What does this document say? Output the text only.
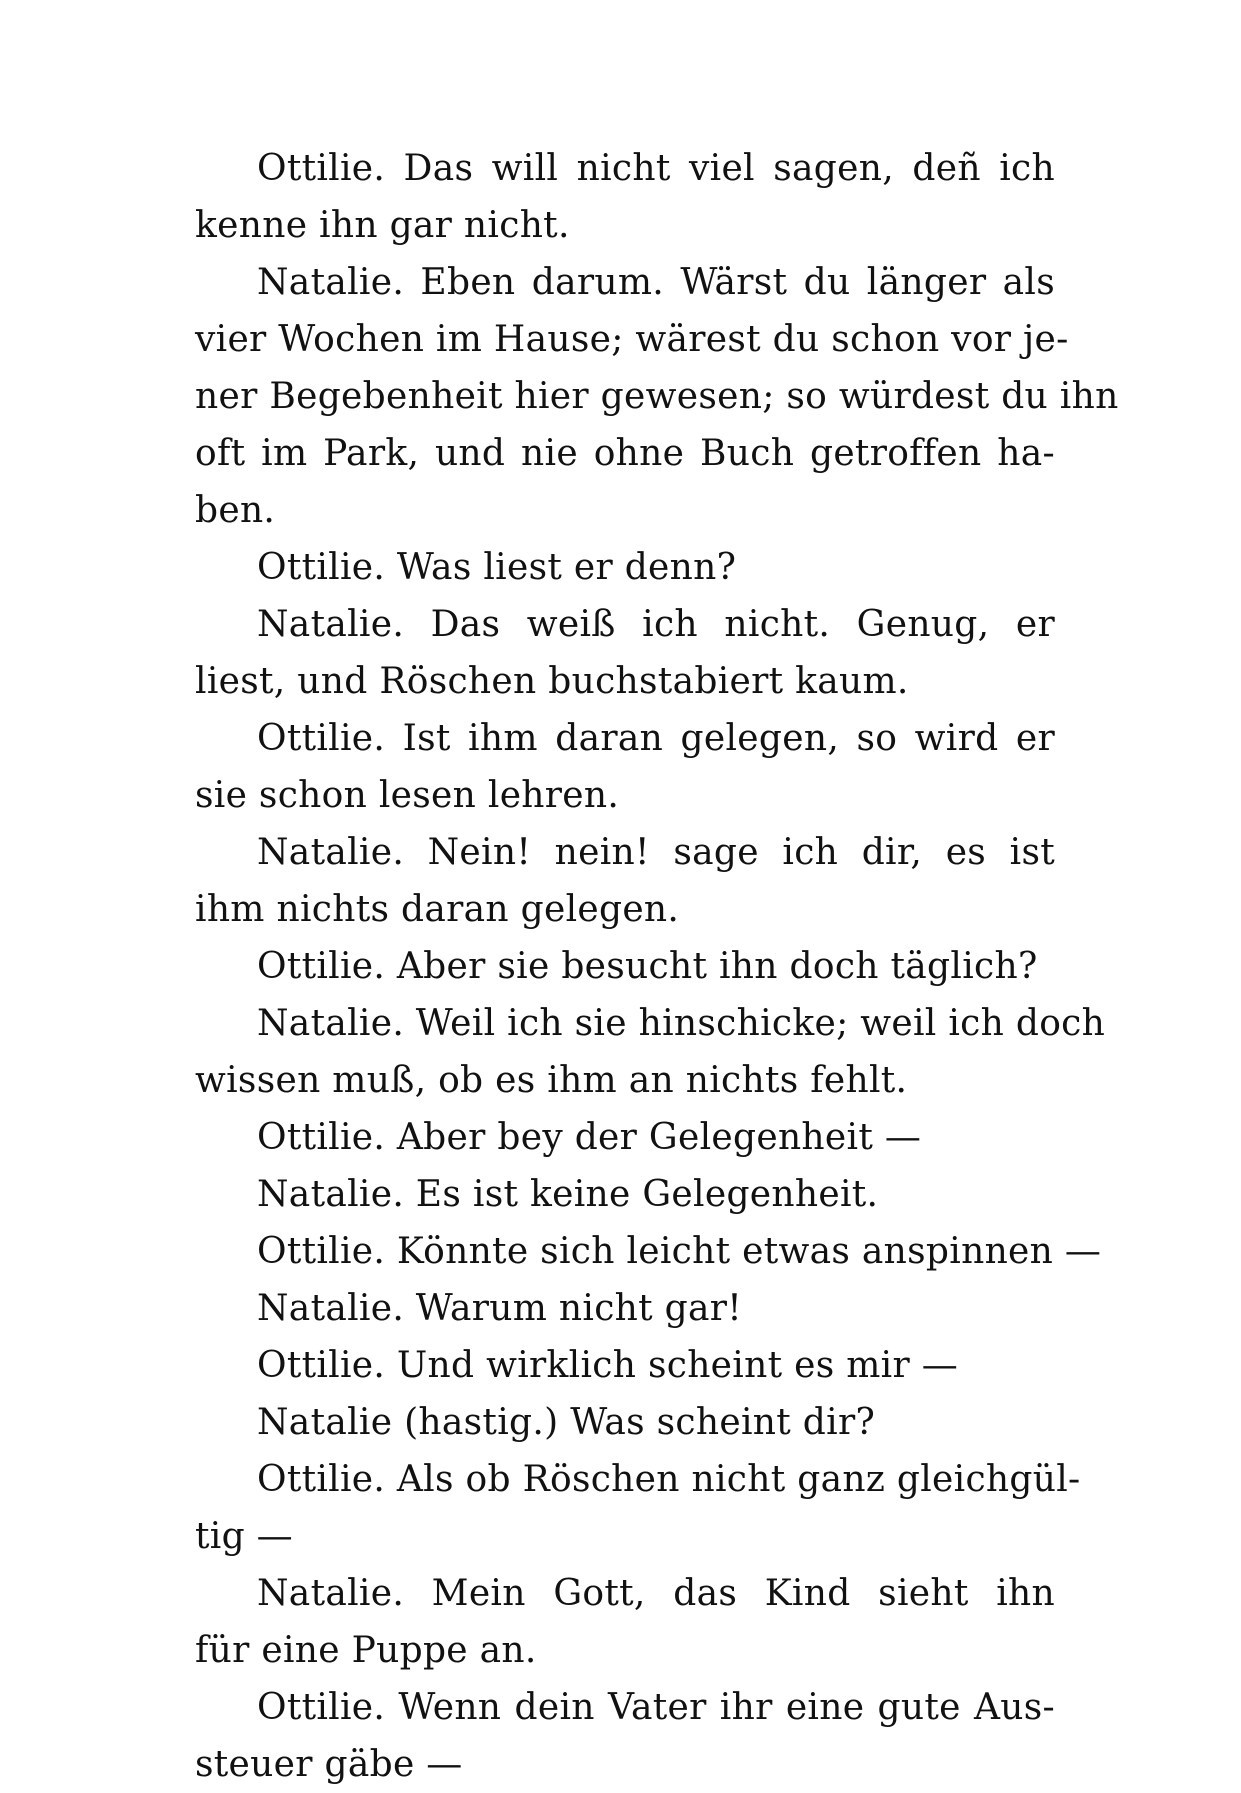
Ottilie. Das will nicht viel sagen, deñ ich
kenne ihn gar nicht.
Natalie. Eben darum. Wärst du länger als
vier Wochen im Hause; wärest du schon vor je-
ner Begebenheit hier gewesen; so würdest du ihn
oft im Park, und nie ohne Buch getroffen ha-
ben.
Ottilie. Was liest er denn?
Natalie. Das weiß ich nicht. Genug, er
liest, und Röschen buchstabiert kaum.
Ottilie. Ist ihm daran gelegen, so wird er
sie schon lesen lehren.
Natalie. Nein! nein! sage ich dir, es ist
ihm nichts daran gelegen.
Ottilie. Aber sie besucht ihn doch täglich?
Natalie. Weil ich sie hinschicke; weil ich doch
wissen muß, ob es ihm an nichts fehlt.
Ottilie. Aber bey der Gelegenheit —
Natalie. Es ist keine Gelegenheit.
Ottilie. Könnte sich leicht etwas anspinnen —
Natalie. Warum nicht gar!
Ottilie. Und wirklich scheint es mir —
Natalie (hastig.) Was scheint dir?
Ottilie. Als ob Röschen nicht ganz gleichgül-
tig —
Natalie. Mein Gott, das Kind sieht ihn
für eine Puppe an.
Ottilie. Wenn dein Vater ihr eine gute Aus-
steuer gäbe —
